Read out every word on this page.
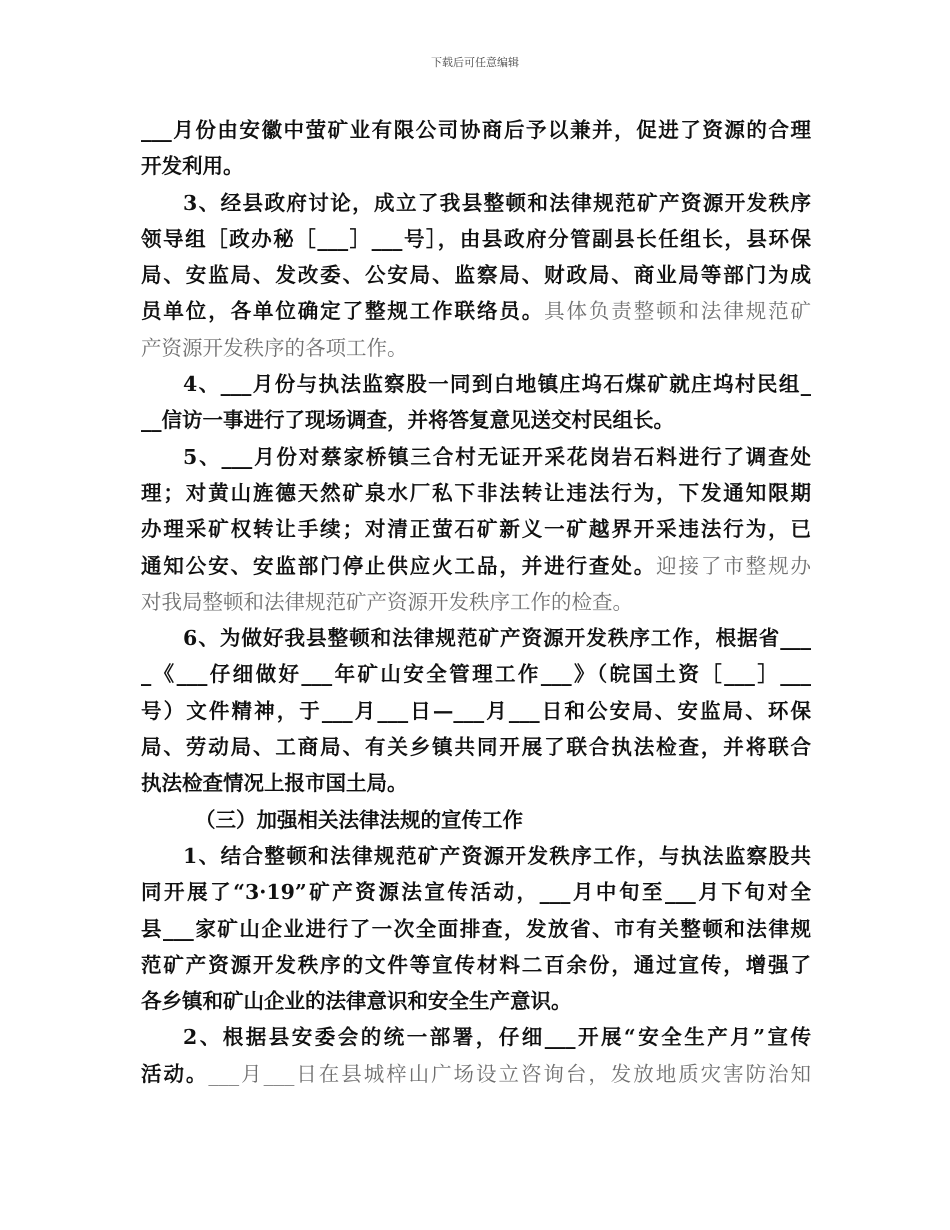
下载后可任意编辑
___月份由安徽中萤矿业有限公司协商后予以兼并，促进了资源的合理
开发利用。
3、经县政府讨论，成立了我县整顿和法律规范矿产资源开发秩序
领导组［政办秘［___］___号］，由县政府分管副县长任组长，县环保
局、安监局、发改委、公安局、监察局、财政局、商业局等部门为成
员单位，各单位确定了整规工作联络员。具体负责整顿和法律规范矿
产资源开发秩序的各项工作。
4、___月份与执法监察股一同到白地镇庄坞石煤矿就庄坞村民组_
__信访一事进行了现场调查，并将答复意见送交村民组长。
5、___月份对蔡家桥镇三合村无证开采花岗岩石料进行了调查处
理；对黄山旌德天然矿泉水厂私下非法转让违法行为，下发通知限期
办理采矿权转让手续；对清正萤石矿新义一矿越界开采违法行为，已
通知公安、安监部门停止供应火工品，并进行查处。迎接了市整规办
对我局整顿和法律规范矿产资源开发秩序工作的检查。
6、为做好我县整顿和法律规范矿产资源开发秩序工作，根据省___
_《___仔细做好___年矿山安全管理工作___》（皖国土资［___］___
号）文件精神，于___月___日—___月___日和公安局、安监局、环保
局、劳动局、工商局、有关乡镇共同开展了联合执法检查，并将联合
执法检查情况上报市国土局。
（三）加强相关法律法规的宣传工作
1、结合整顿和法律规范矿产资源开发秩序工作，与执法监察股共
同开展了“3·19”矿产资源法宣传活动，___月中旬至___月下旬对全
县___家矿山企业进行了一次全面排查，发放省、市有关整顿和法律规
范矿产资源开发秩序的文件等宣传材料二百余份，通过宣传，增强了
各乡镇和矿山企业的法律意识和安全生产意识。
2、根据县安委会的统一部署，仔细___开展“安全生产月”宣传
活动。___月___日在县城梓山广场设立咨询台，发放地质灾害防治知
